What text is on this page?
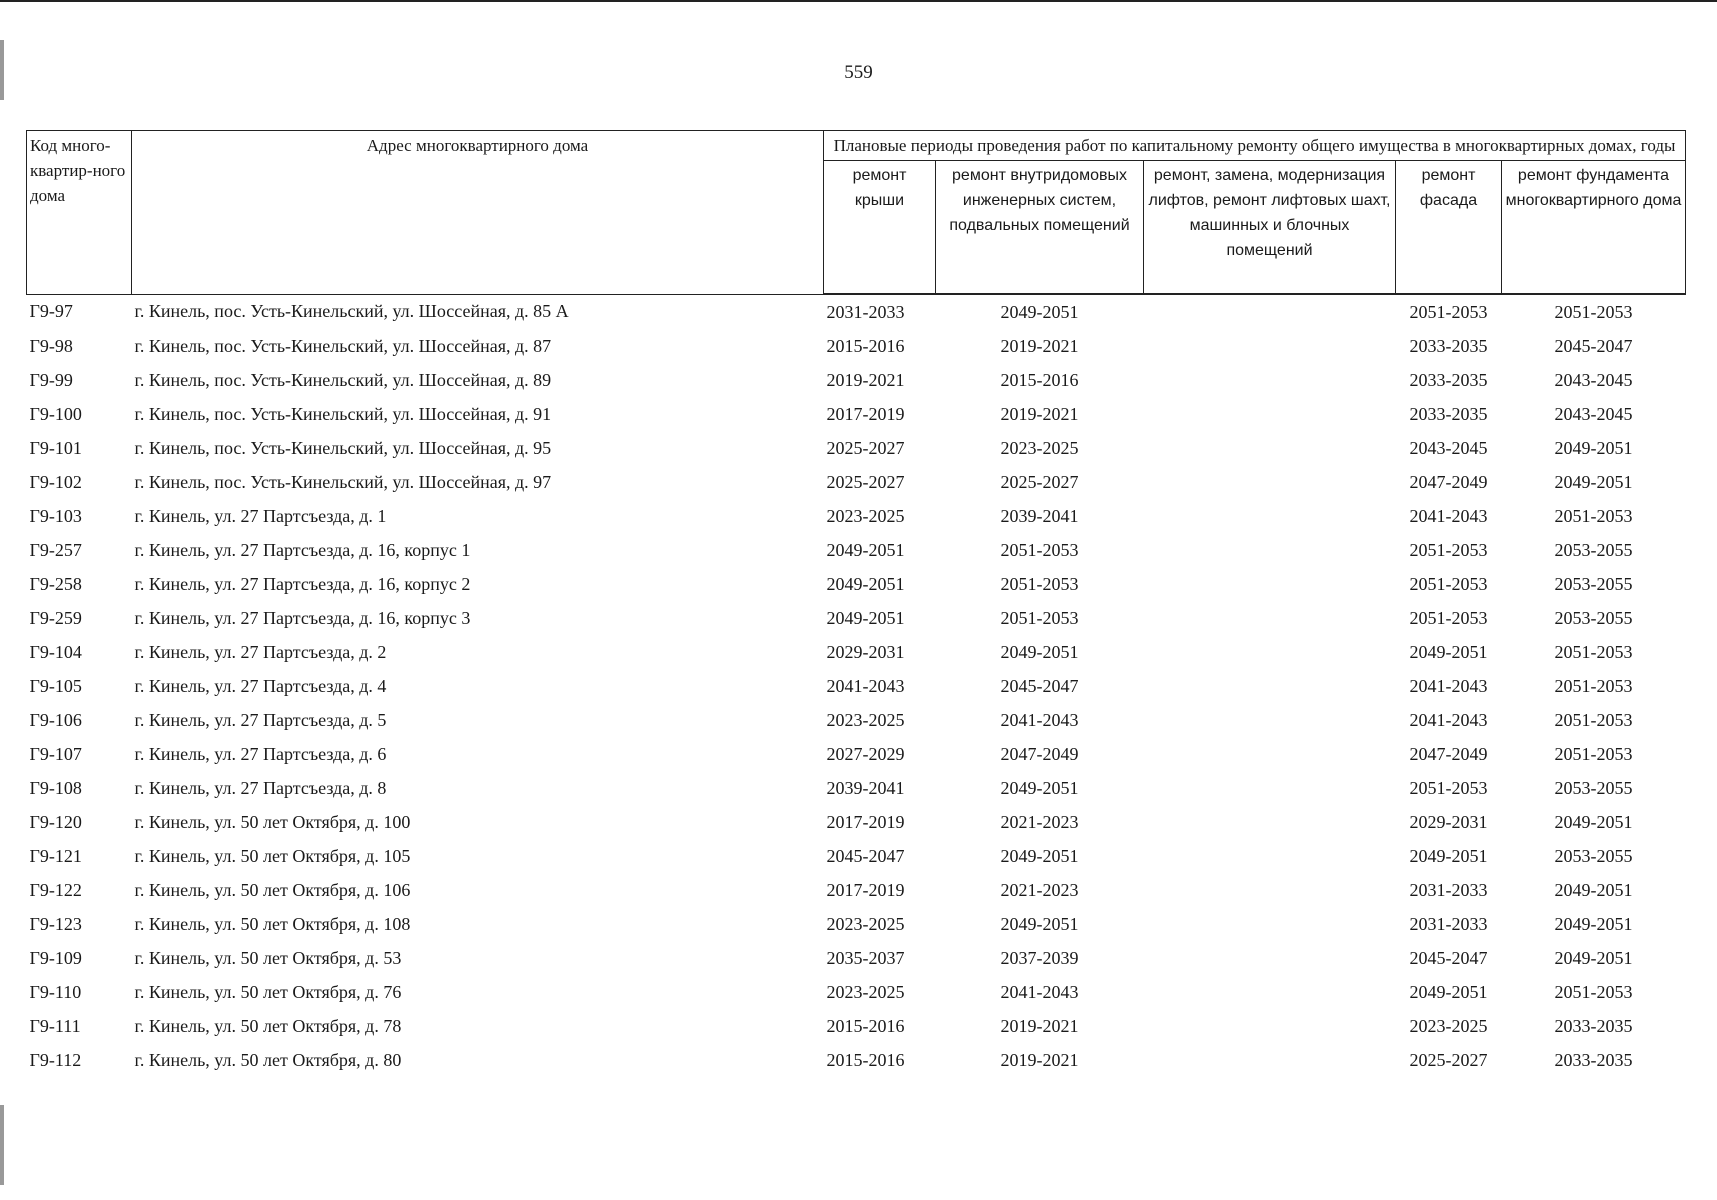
559
Код много-квартир-ного дома	Адрес многоквартирного дома	Плановые периоды проведения работ по капитальному ремонту общего имущества в многоквартирных домах, годы				
		ремонт крыши	ремонт внутридомовых инженерных систем, подвальных помещений	ремонт, замена, модернизация лифтов, ремонт лифтовых шахт, машинных и блочных помещений	ремонт фасада	ремонт фундамента многоквартирного дома
Г9-97	г. Кинель, пос. Усть-Кинельский, ул. Шоссейная, д. 85 А	2031-2033	2049-2051		2051-2053	2051-2053
Г9-98	г. Кинель, пос. Усть-Кинельский, ул. Шоссейная, д. 87	2015-2016	2019-2021		2033-2035	2045-2047
Г9-99	г. Кинель, пос. Усть-Кинельский, ул. Шоссейная, д. 89	2019-2021	2015-2016		2033-2035	2043-2045
Г9-100	г. Кинель, пос. Усть-Кинельский, ул. Шоссейная, д. 91	2017-2019	2019-2021		2033-2035	2043-2045
Г9-101	г. Кинель, пос. Усть-Кинельский, ул. Шоссейная, д. 95	2025-2027	2023-2025		2043-2045	2049-2051
Г9-102	г. Кинель, пос. Усть-Кинельский, ул. Шоссейная, д. 97	2025-2027	2025-2027		2047-2049	2049-2051
Г9-103	г. Кинель, ул. 27 Партсъезда, д. 1	2023-2025	2039-2041		2041-2043	2051-2053
Г9-257	г. Кинель, ул. 27 Партсъезда, д. 16, корпус 1	2049-2051	2051-2053		2051-2053	2053-2055
Г9-258	г. Кинель, ул. 27 Партсъезда, д. 16, корпус 2	2049-2051	2051-2053		2051-2053	2053-2055
Г9-259	г. Кинель, ул. 27 Партсъезда, д. 16, корпус 3	2049-2051	2051-2053		2051-2053	2053-2055
Г9-104	г. Кинель, ул. 27 Партсъезда, д. 2	2029-2031	2049-2051		2049-2051	2051-2053
Г9-105	г. Кинель, ул. 27 Партсъезда, д. 4	2041-2043	2045-2047		2041-2043	2051-2053
Г9-106	г. Кинель, ул. 27 Партсъезда, д. 5	2023-2025	2041-2043		2041-2043	2051-2053
Г9-107	г. Кинель, ул. 27 Партсъезда, д. 6	2027-2029	2047-2049		2047-2049	2051-2053
Г9-108	г. Кинель, ул. 27 Партсъезда, д. 8	2039-2041	2049-2051		2051-2053	2053-2055
Г9-120	г. Кинель, ул. 50 лет Октября, д. 100	2017-2019	2021-2023		2029-2031	2049-2051
Г9-121	г. Кинель, ул. 50 лет Октября, д. 105	2045-2047	2049-2051		2049-2051	2053-2055
Г9-122	г. Кинель, ул. 50 лет Октября, д. 106	2017-2019	2021-2023		2031-2033	2049-2051
Г9-123	г. Кинель, ул. 50 лет Октября, д. 108	2023-2025	2049-2051		2031-2033	2049-2051
Г9-109	г. Кинель, ул. 50 лет Октября, д. 53	2035-2037	2037-2039		2045-2047	2049-2051
Г9-110	г. Кинель, ул. 50 лет Октября, д. 76	2023-2025	2041-2043		2049-2051	2051-2053
Г9-111	г. Кинель, ул. 50 лет Октября, д. 78	2015-2016	2019-2021		2023-2025	2033-2035
Г9-112	г. Кинель, ул. 50 лет Октября, д. 80	2015-2016	2019-2021		2025-2027	2033-2035
